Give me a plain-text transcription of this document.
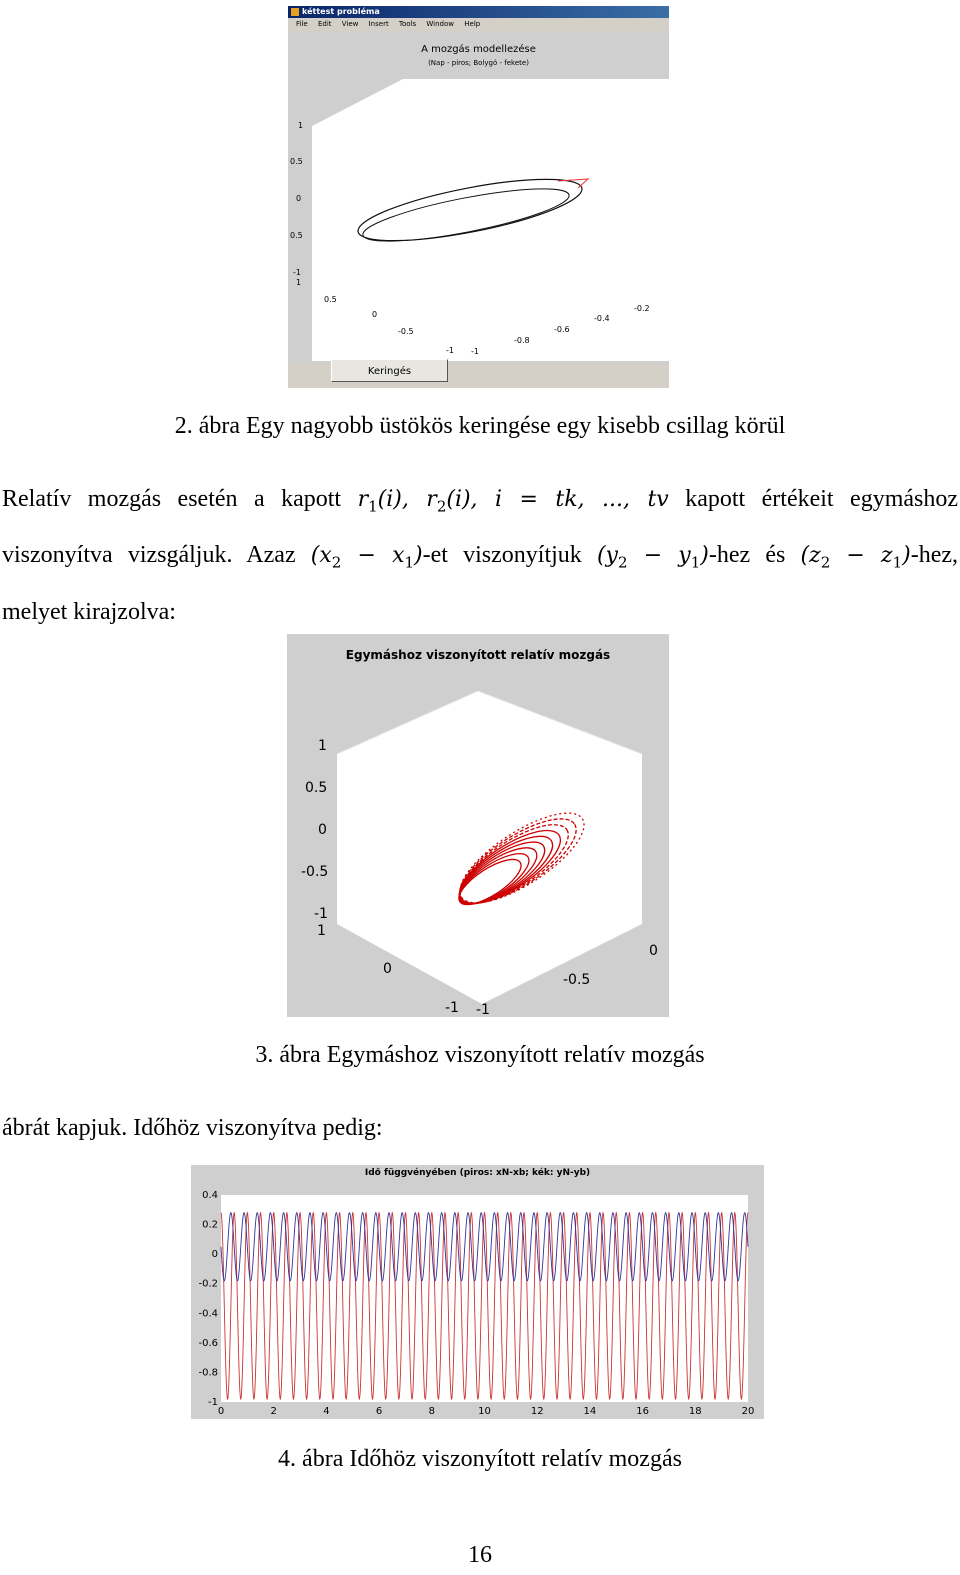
kéttest probléma
File Edit View Insert Tools Window Help
A mozgás modellezése
(Nap - piros; Bolygó - fekete)
1
0.5
0
0.5
-1
1
0.5
0
-0.5
-1 -1
-0.8
-0.6
-0.4
-0.2
Keringés
2. ábra Egy nagyobb üstökös keringése egy kisebb csillag körül
Relatív mozgás esetén a kapott $r_1(i)$, $r_2(i)$, i = tk, ..., tv kapott értékeit egymáshoz
viszonyítva vizsgáljuk. Azaz $(x_2 - x_1)-et$ viszonyítjuk $(y_2 - y_1)-hez$ és $(z_2 - z_1)-hez$,
melyet kirajzolva:
Egymáshoz viszonyított relatív mozgás
1
0.5
0
-0.5
-1
1
0
-1 -1
-0.5
0
3. ábra Egymáshoz viszonyított relatív mozgás
ábrát kapjuk. Időhöz viszonyítva pedig:
Idő függvényében (piros: xN-xb; kék: yN-yb)
0	2	4	6	8	10	12	14	16	18	20
0.4
0.2
0
-0.2
-0.4
-0.6
-0.8
-1
4. ábra Időhöz viszonyított relatív mozgás
16
